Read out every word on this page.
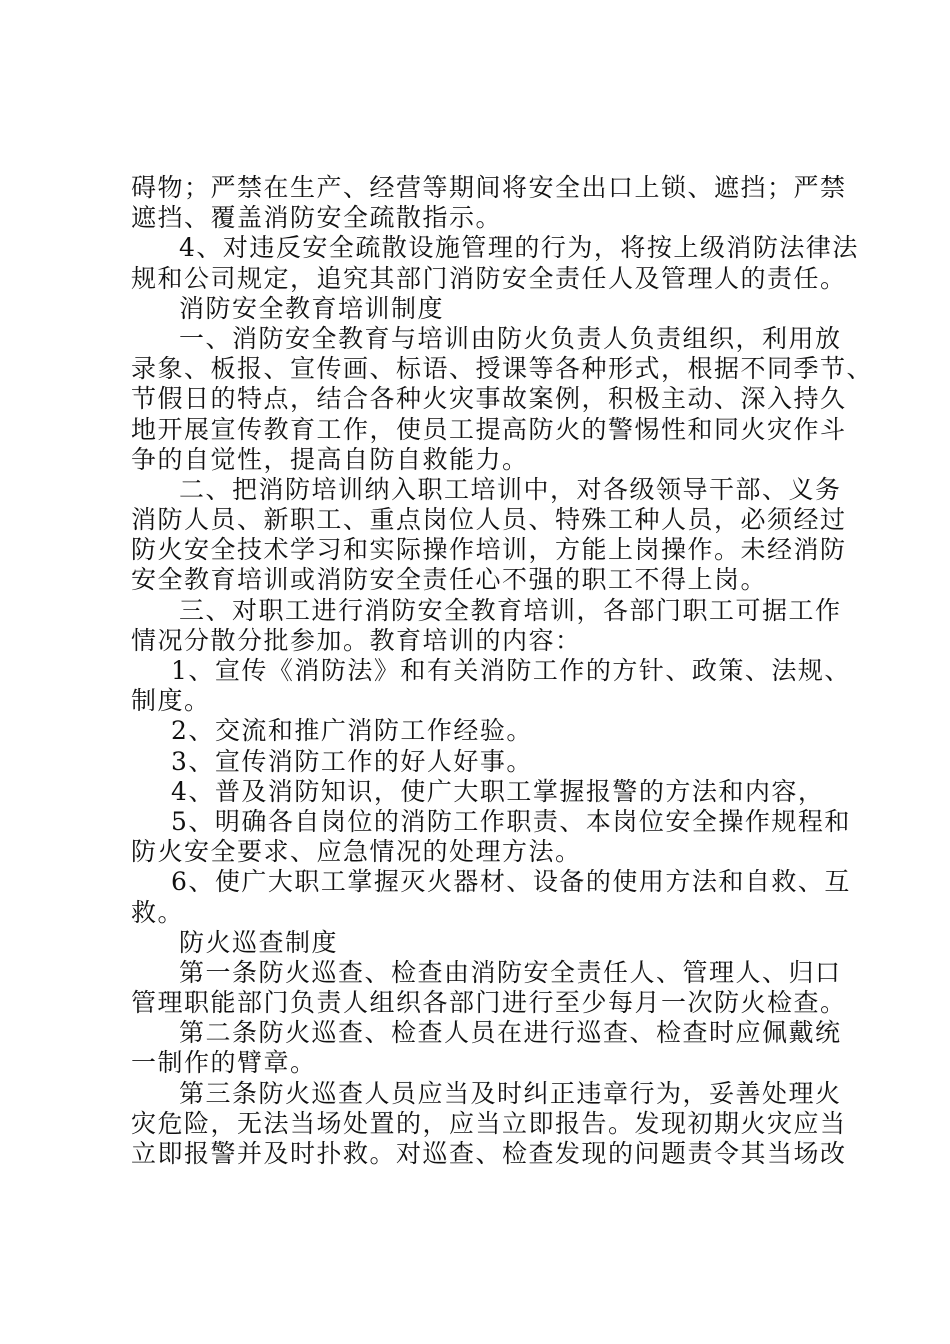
碍物；严禁在生产、经营等期间将安全出口上锁、遮挡；严禁
遮挡、覆盖消防安全疏散指示。
4、对违反安全疏散设施管理的行为，将按上级消防法律法
规和公司规定，追究其部门消防安全责任人及管理人的责任。
消防安全教育培训制度
一、消防安全教育与培训由防火负责人负责组织，利用放
录象、板报、宣传画、标语、授课等各种形式，根据不同季节、
节假日的特点，结合各种火灾事故案例，积极主动、深入持久
地开展宣传教育工作，使员工提高防火的警惕性和同火灾作斗
争的自觉性，提高自防自救能力。
二、把消防培训纳入职工培训中，对各级领导干部、义务
消防人员、新职工、重点岗位人员、特殊工种人员，必须经过
防火安全技术学习和实际操作培训，方能上岗操作。未经消防
安全教育培训或消防安全责任心不强的职工不得上岗。
三、对职工进行消防安全教育培训，各部门职工可据工作
情况分散分批参加。教育培训的内容：
1、宣传《消防法》和有关消防工作的方针、政策、法规、
制度。
2、交流和推广消防工作经验。
3、宣传消防工作的好人好事。
4、普及消防知识，使广大职工掌握报警的方法和内容，
5、明确各自岗位的消防工作职责、本岗位安全操作规程和
防火安全要求、应急情况的处理方法。
6、使广大职工掌握灭火器材、设备的使用方法和自救、互
救。
防火巡查制度
第一条防火巡查、检查由消防安全责任人、管理人、归口
管理职能部门负责人组织各部门进行至少每月一次防火检查。
第二条防火巡查、检查人员在进行巡查、检查时应佩戴统
一制作的臂章。
第三条防火巡查人员应当及时纠正违章行为，妥善处理火
灾危险，无法当场处置的，应当立即报告。发现初期火灾应当
立即报警并及时扑救。对巡查、检查发现的问题责令其当场改
